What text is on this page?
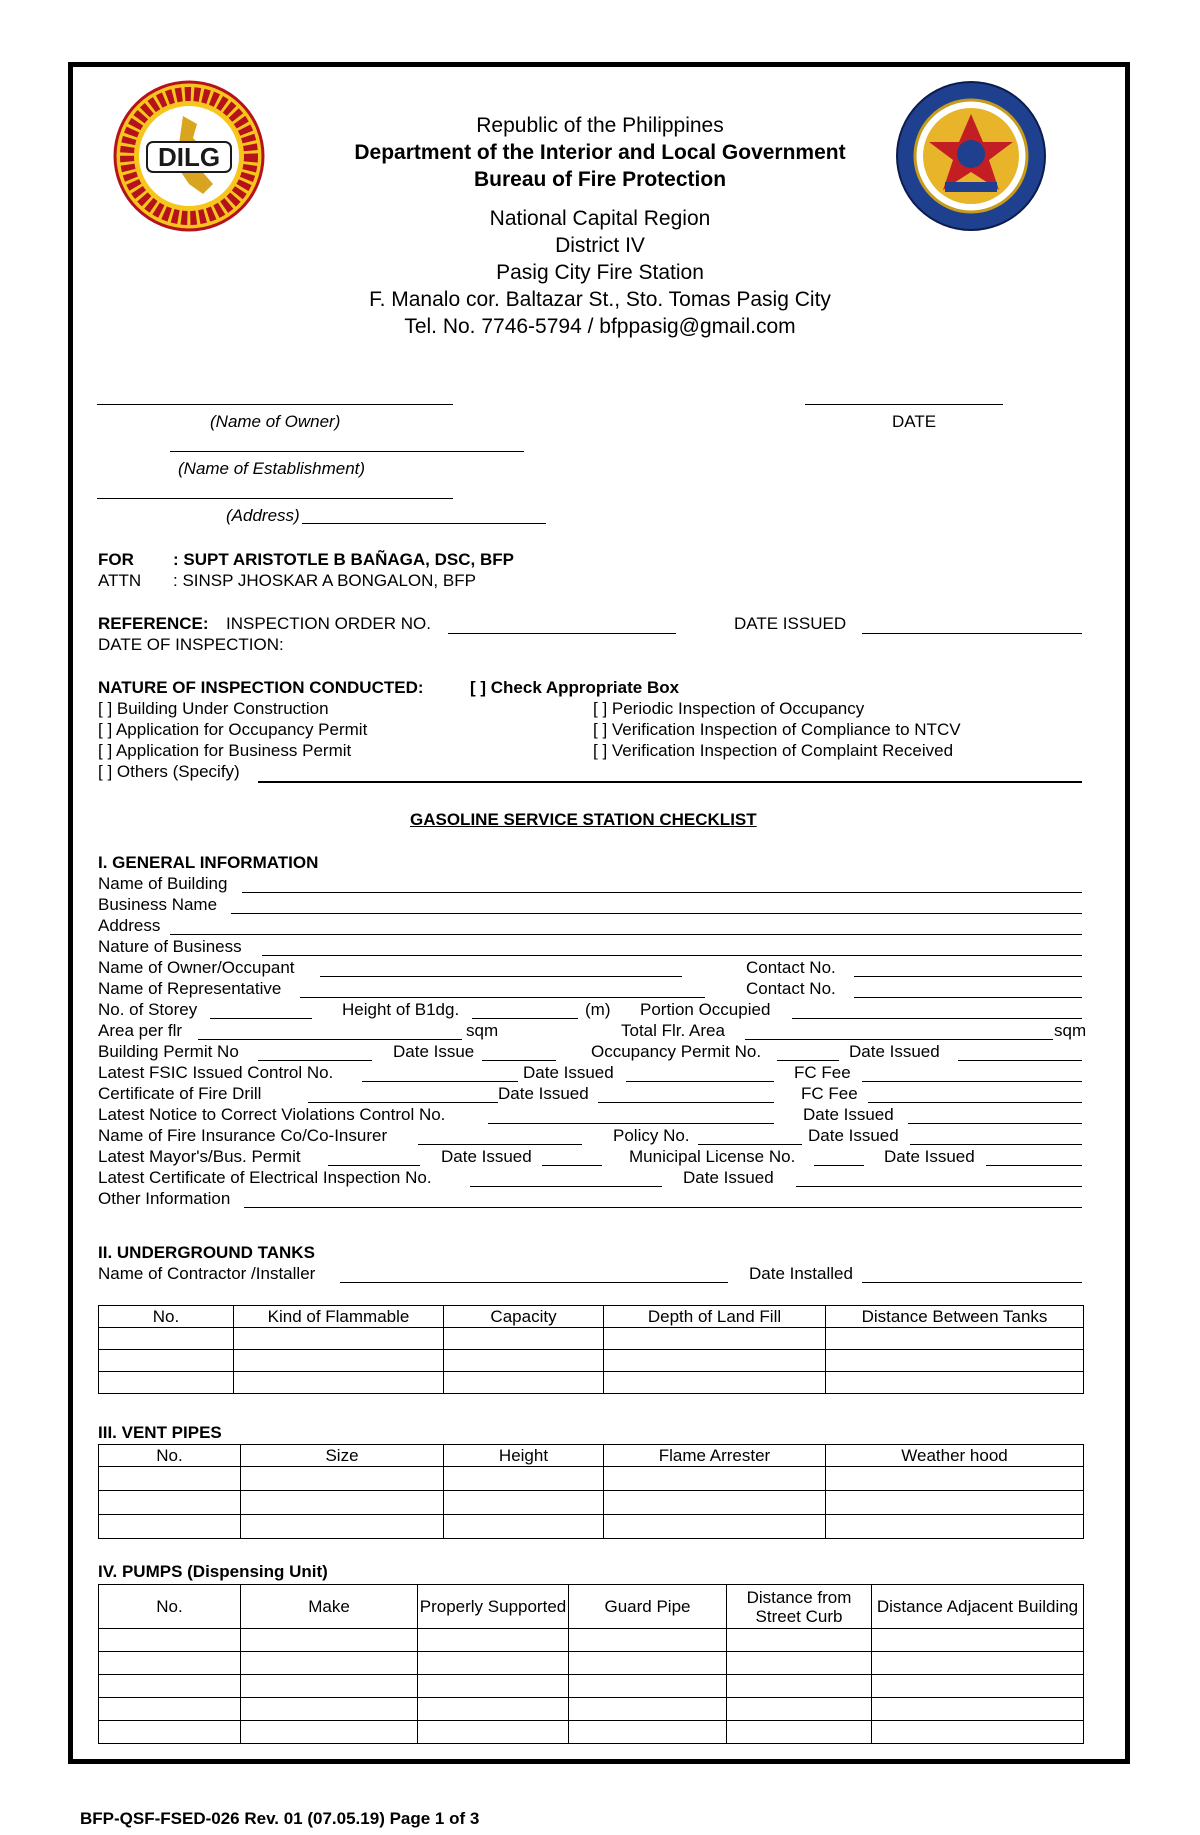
DILG
Republic of the Philippines
Department of the Interior and Local Government
Bureau of Fire Protection
National Capital Region
District IV
Pasig City Fire Station
F. Manalo cor. Baltazar St., Sto. Tomas Pasig City
Tel. No. 7746-5794 / bfppasig@gmail.com
(Name of Owner)	DATE
(Name of Establishment)
(Address)
FOR : SUPT ARISTOTLE B BAÑAGA, DSC, BFP
ATTN : SINSP JHOSKAR A BONGALON, BFP
REFERENCE: INSPECTION ORDER NO.	DATE ISSUED
DATE OF INSPECTION:
NATURE OF INSPECTION CONDUCTED:	[ ] Check Appropriate Box
[ ] Building Under Construction
[ ] Application for Occupancy Permit
[ ] Application for Business Permit
[ ] Others (Specify)
[ ] Periodic Inspection of Occupancy
[ ] Verification Inspection of Compliance to NTCV
[ ] Verification Inspection of Complaint Received
GASOLINE SERVICE STATION CHECKLIST
I. GENERAL INFORMATION
Name of Building
Business Name
Address
Nature of Business
Name of Owner/Occupant	Contact No.
Name of Representative	Contact No.
No. of Storey	Height of B1dg.	(m) Portion Occupied
Area per flr	sqm	Total Flr. Area	sqm
Building Permit No	Date Issue	Occupancy Permit No.	Date Issued
Latest FSIC Issued Control No.	Date Issued	FC Fee
Certificate of Fire Drill	Date Issued	FC Fee
Latest Notice to Correct Violations Control No.	Date Issued
Name of Fire Insurance Co/Co-Insurer	Policy No.	Date Issued
Latest Mayor's/Bus. Permit	Date Issued	Municipal License No.	Date Issued
Latest Certificate of Electrical Inspection No.	Date Issued
Other Information
II. UNDERGROUND TANKS
Name of Contractor /Installer	Date Installed
No.	Kind of Flammable	Capacity	Depth of Land Fill	Distance Between Tanks

III. VENT PIPES
No.	Size	Height	Flame Arrester	Weather hood

IV. PUMPS (Dispensing Unit)
No.	Make	Properly Supported	Guard Pipe	Distance from Street Curb	Distance Adjacent Building

BFP-QSF-FSED-026 Rev. 01 (07.05.19) Page 1 of 3
